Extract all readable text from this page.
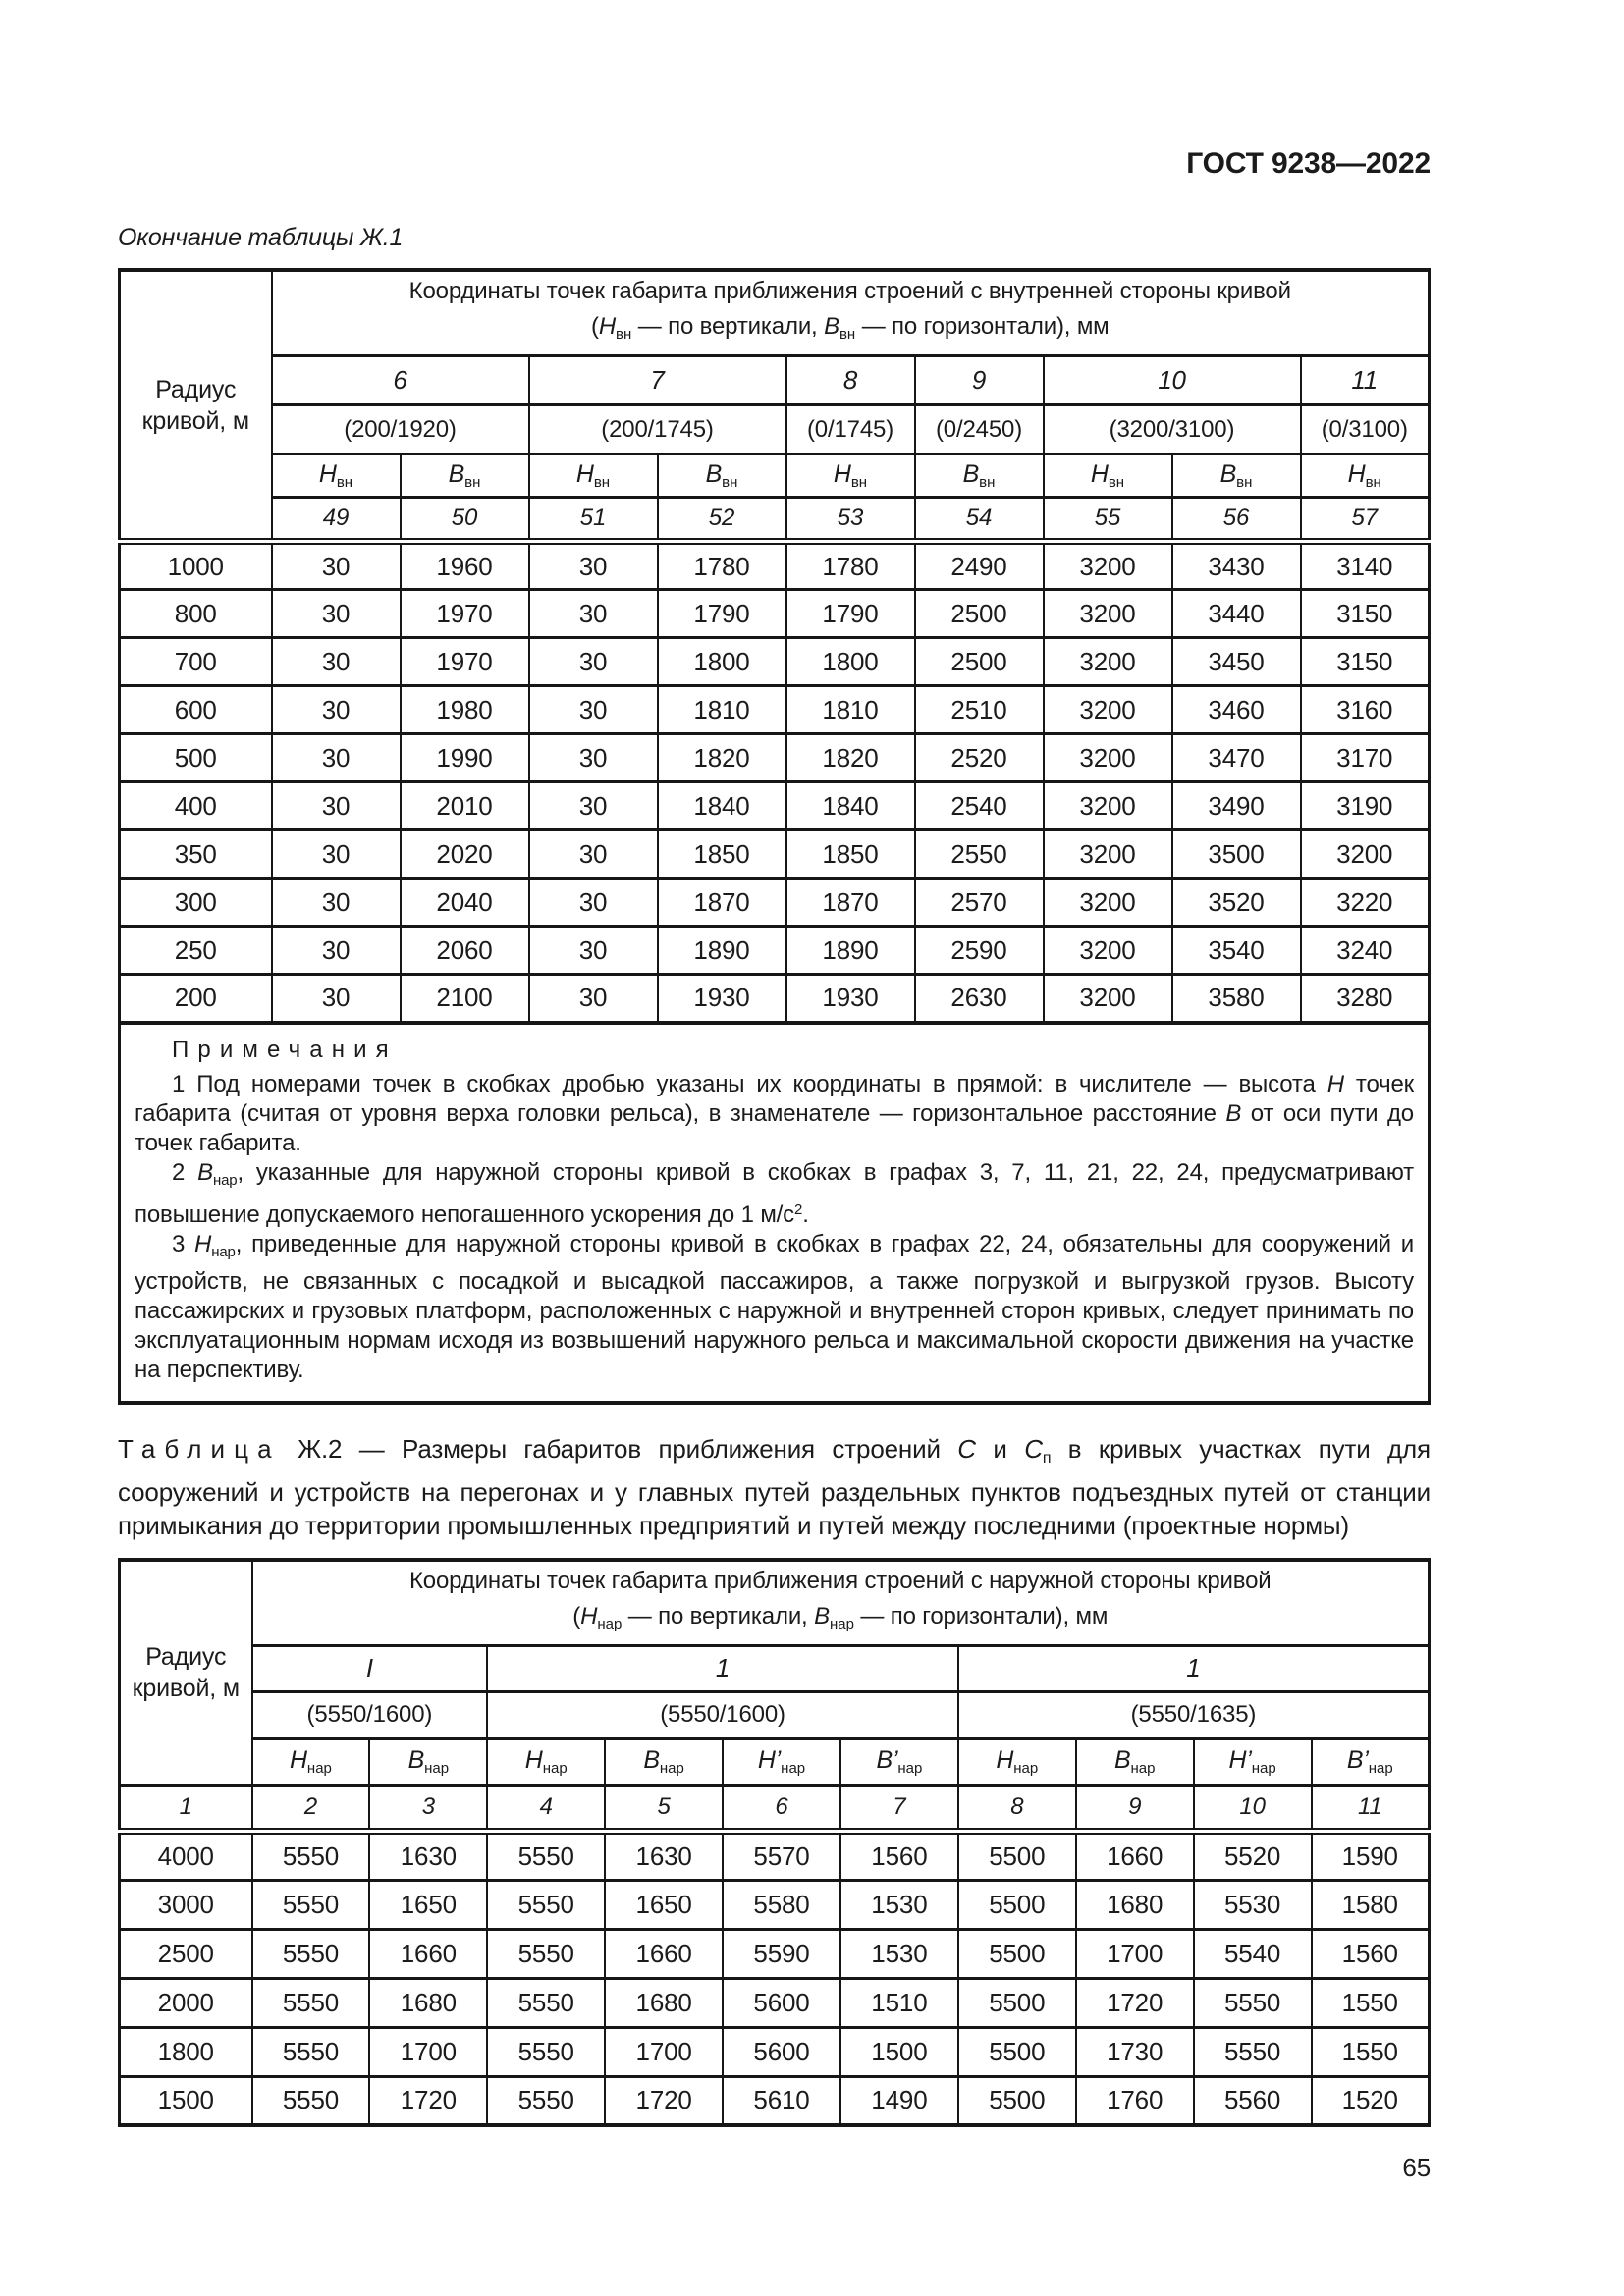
ГОСТ 9238—2022
Окончание таблицы Ж.1
Радиус кривой, м	Координаты точек габарита приближения строений с внутренней стороны кривой
($Н_{вн}$ — по вертикали, $В_{вн}$ — по горизонтали), мм								

	6		7		8	9	10		11
	(200/1920)		(200/1745)		(0/1745)	(0/2450)	(3200/3100)		(0/3100)
	$Н_{вн}$	$В_{вн}$	$Н_{вн}$	$В_{вн}$	$Н_{вн}$	$В_{вн}$	$Н_{вн}$	$В_{вн}$	$Н_{вн}$
	49	50	51	52	53	54	55	56	57
1000	30	1960	30	1780	1780	2490	3200	3430	3140
800	30	1970	30	1790	1790	2500	3200	3440	3150
700	30	1970	30	1800	1800	2500	3200	3450	3150
600	30	1980	30	1810	1810	2510	3200	3460	3160
500	30	1990	30	1820	1820	2520	3200	3470	3170
400	30	2010	30	1840	1840	2540	3200	3490	3190
350	30	2020	30	1850	1850	2550	3200	3500	3200
300	30	2040	30	1870	1870	2570	3200	3520	3220
250	30	2060	30	1890	1890	2590	3200	3540	3240
200	30	2100	30	1930	1930	2630	3200	3580	3280

Примечания

1 Под номерами точек в скобках дробью указаны их координаты в прямой: в числителе — высота Н точек габарита (считая от уровня верха головки рельса), в знаменателе — горизонтальное расстояние В от оси пути до точек габарита.

2 $В_{нар}$, указанные для наружной стороны кривой в скобках в графах 3, 7, 11, 21, 22, 24, предусматривают повышение допускаемого непогашенного ускорения до 1 $м/с^2$.

3 $Н_{нар}$, приведенные для наружной стороны кривой в скобках в графах 22, 24, обязательны для сооружений и устройств, не связанных с посадкой и высадкой пассажиров, а также погрузкой и выгрузкой грузов. Высоту пассажирских и грузовых платформ, расположенных с наружной и внутренней сторон кривых, следует принимать по эксплуатационным нормам исходя из возвышений наружного рельса и максимальной скорости движения на участке на перспективу.									

Таблица Ж.2 — Размеры габаритов приближения строений С и $С_п$ в кривых участках пути для сооружений и устройств на перегонах и у главных путей раздельных пунктов подъездных путей от станции примыкания до территории промышленных предприятий и путей между последними (проектные нормы)

Радиус кривой, м	Координаты точек габарита приближения строений с наружной стороны кривой
($Н_{нар}$ — по вертикали, $В_{нар}$ — по горизонтали), мм									

	I		1				1			
	(5550/1600)		(5550/1600)				(5550/1635)			
	$Н_{нар}$	$В_{нар}$	$Н_{нар}$	$В_{нар}$	$Н’_{нар}$	$В’_{нар}$	$Н_{нар}$	$В_{нар}$	$Н’_{нар}$	$В’_{нар}$
1	2	3	4	5	6	7	8	9	10	11
4000	5550	1630	5550	1630	5570	1560	5500	1660	5520	1590
3000	5550	1650	5550	1650	5580	1530	5500	1680	5530	1580
2500	5550	1660	5550	1660	5590	1530	5500	1700	5540	1560
2000	5550	1680	5550	1680	5600	1510	5500	1720	5550	1550
1800	5550	1700	5550	1700	5600	1500	5500	1730	5550	1550
1500	5550	1720	5550	1720	5610	1490	5500	1760	5560	1520
65
